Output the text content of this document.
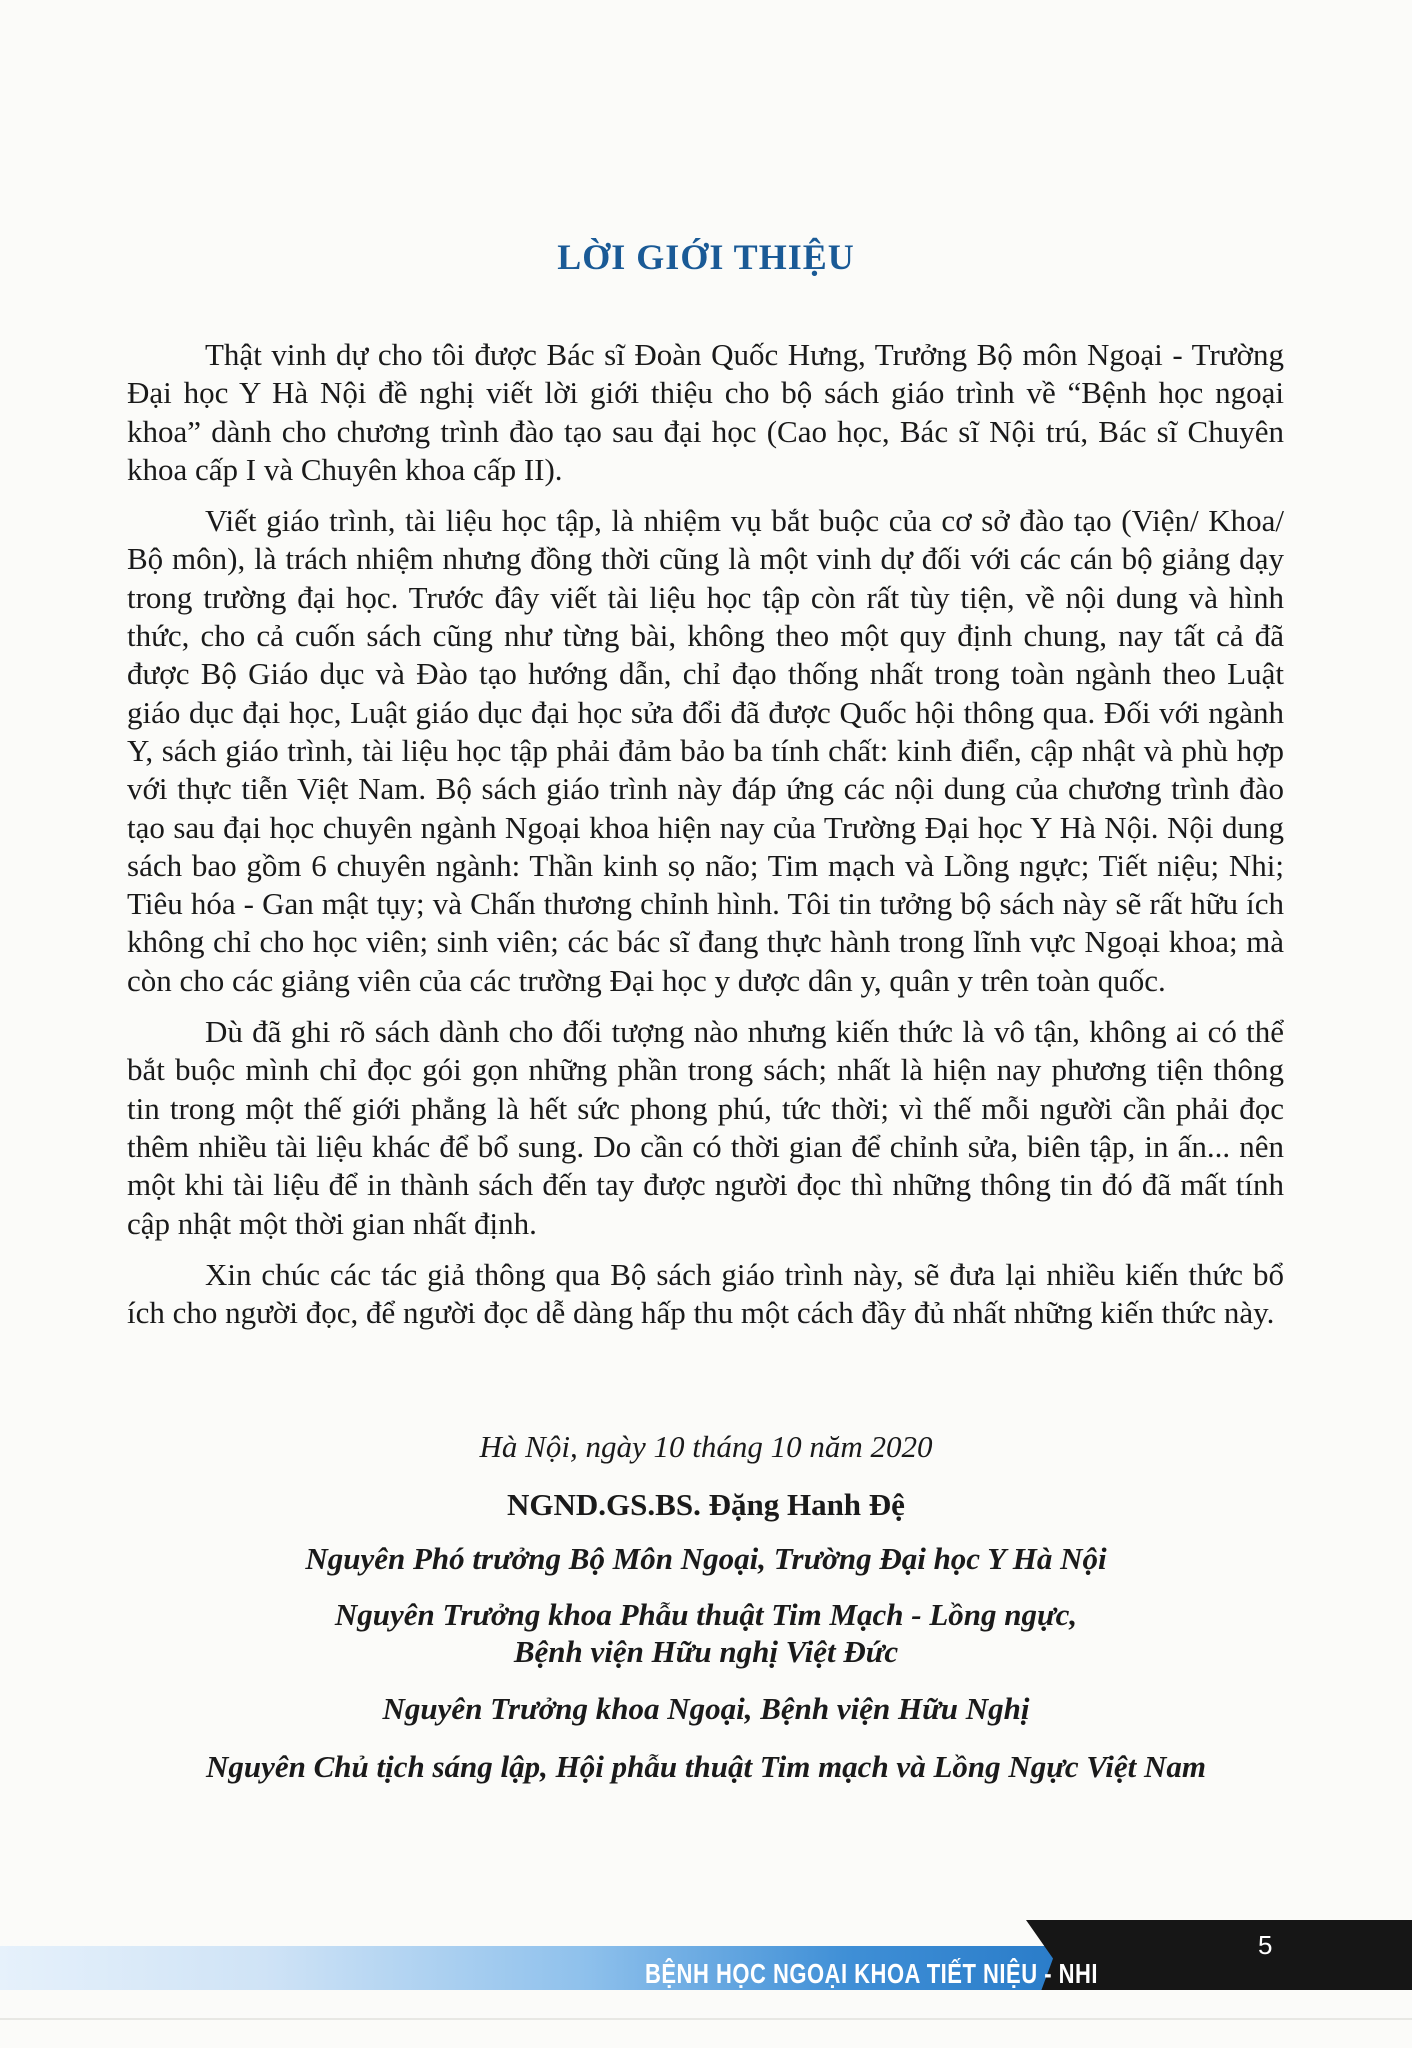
LỜI GIỚI THIỆU

Thật vinh dự cho tôi được Bác sĩ Đoàn Quốc Hưng, Trưởng Bộ môn Ngoại - Trường Đại học Y Hà Nội đề nghị viết lời giới thiệu cho bộ sách giáo trình về “Bệnh học ngoại khoa” dành cho chương trình đào tạo sau đại học (Cao học, Bác sĩ Nội trú, Bác sĩ Chuyên khoa cấp I và Chuyên khoa cấp II).

Viết giáo trình, tài liệu học tập, là nhiệm vụ bắt buộc của cơ sở đào tạo (Viện/ Khoa/ Bộ môn), là trách nhiệm nhưng đồng thời cũng là một vinh dự đối với các cán bộ giảng dạy trong trường đại học. Trước đây viết tài liệu học tập còn rất tùy tiện, về nội dung và hình thức, cho cả cuốn sách cũng như từng bài, không theo một quy định chung, nay tất cả đã được Bộ Giáo dục và Đào tạo hướng dẫn, chỉ đạo thống nhất trong toàn ngành theo Luật giáo dục đại học, Luật giáo dục đại học sửa đổi đã được Quốc hội thông qua. Đối với ngành Y, sách giáo trình, tài liệu học tập phải đảm bảo ba tính chất: kinh điển, cập nhật và phù hợp với thực tiễn Việt Nam. Bộ sách giáo trình này đáp ứng các nội dung của chương trình đào tạo sau đại học chuyên ngành Ngoại khoa hiện nay của Trường Đại học Y Hà Nội. Nội dung sách bao gồm 6 chuyên ngành: Thần kinh sọ não; Tim mạch và Lồng ngực; Tiết niệu; Nhi; Tiêu hóa - Gan mật tụy; và Chấn thương chỉnh hình. Tôi tin tưởng bộ sách này sẽ rất hữu ích không chỉ cho học viên; sinh viên; các bác sĩ đang thực hành trong lĩnh vực Ngoại khoa; mà còn cho các giảng viên của các trường Đại học y dược dân y, quân y trên toàn quốc.

Dù đã ghi rõ sách dành cho đối tượng nào nhưng kiến thức là vô tận, không ai có thể bắt buộc mình chỉ đọc gói gọn những phần trong sách; nhất là hiện nay phương tiện thông tin trong một thế giới phẳng là hết sức phong phú, tức thời; vì thế mỗi người cần phải đọc thêm nhiều tài liệu khác để bổ sung. Do cần có thời gian để chỉnh sửa, biên tập, in ấn... nên một khi tài liệu để in thành sách đến tay được người đọc thì những thông tin đó đã mất tính cập nhật một thời gian nhất định.

Xin chúc các tác giả thông qua Bộ sách giáo trình này, sẽ đưa lại nhiều kiến thức bổ ích cho người đọc, để người đọc dễ dàng hấp thu một cách đầy đủ nhất những kiến thức này.

Hà Nội, ngày 10 tháng 10 năm 2020
NGND.GS.BS. Đặng Hanh Đệ
Nguyên Phó trưởng Bộ Môn Ngoại, Trường Đại học Y Hà Nội
Nguyên Trưởng khoa Phẫu thuật Tim Mạch - Lồng ngực,
Bệnh viện Hữu nghị Việt Đức
Nguyên Trưởng khoa Ngoại, Bệnh viện Hữu Nghị
Nguyên Chủ tịch sáng lập, Hội phẫu thuật Tim mạch và Lồng Ngực Việt Nam
BỆNH HỌC NGOẠI KHOA TIẾT NIỆU - NHI
5
